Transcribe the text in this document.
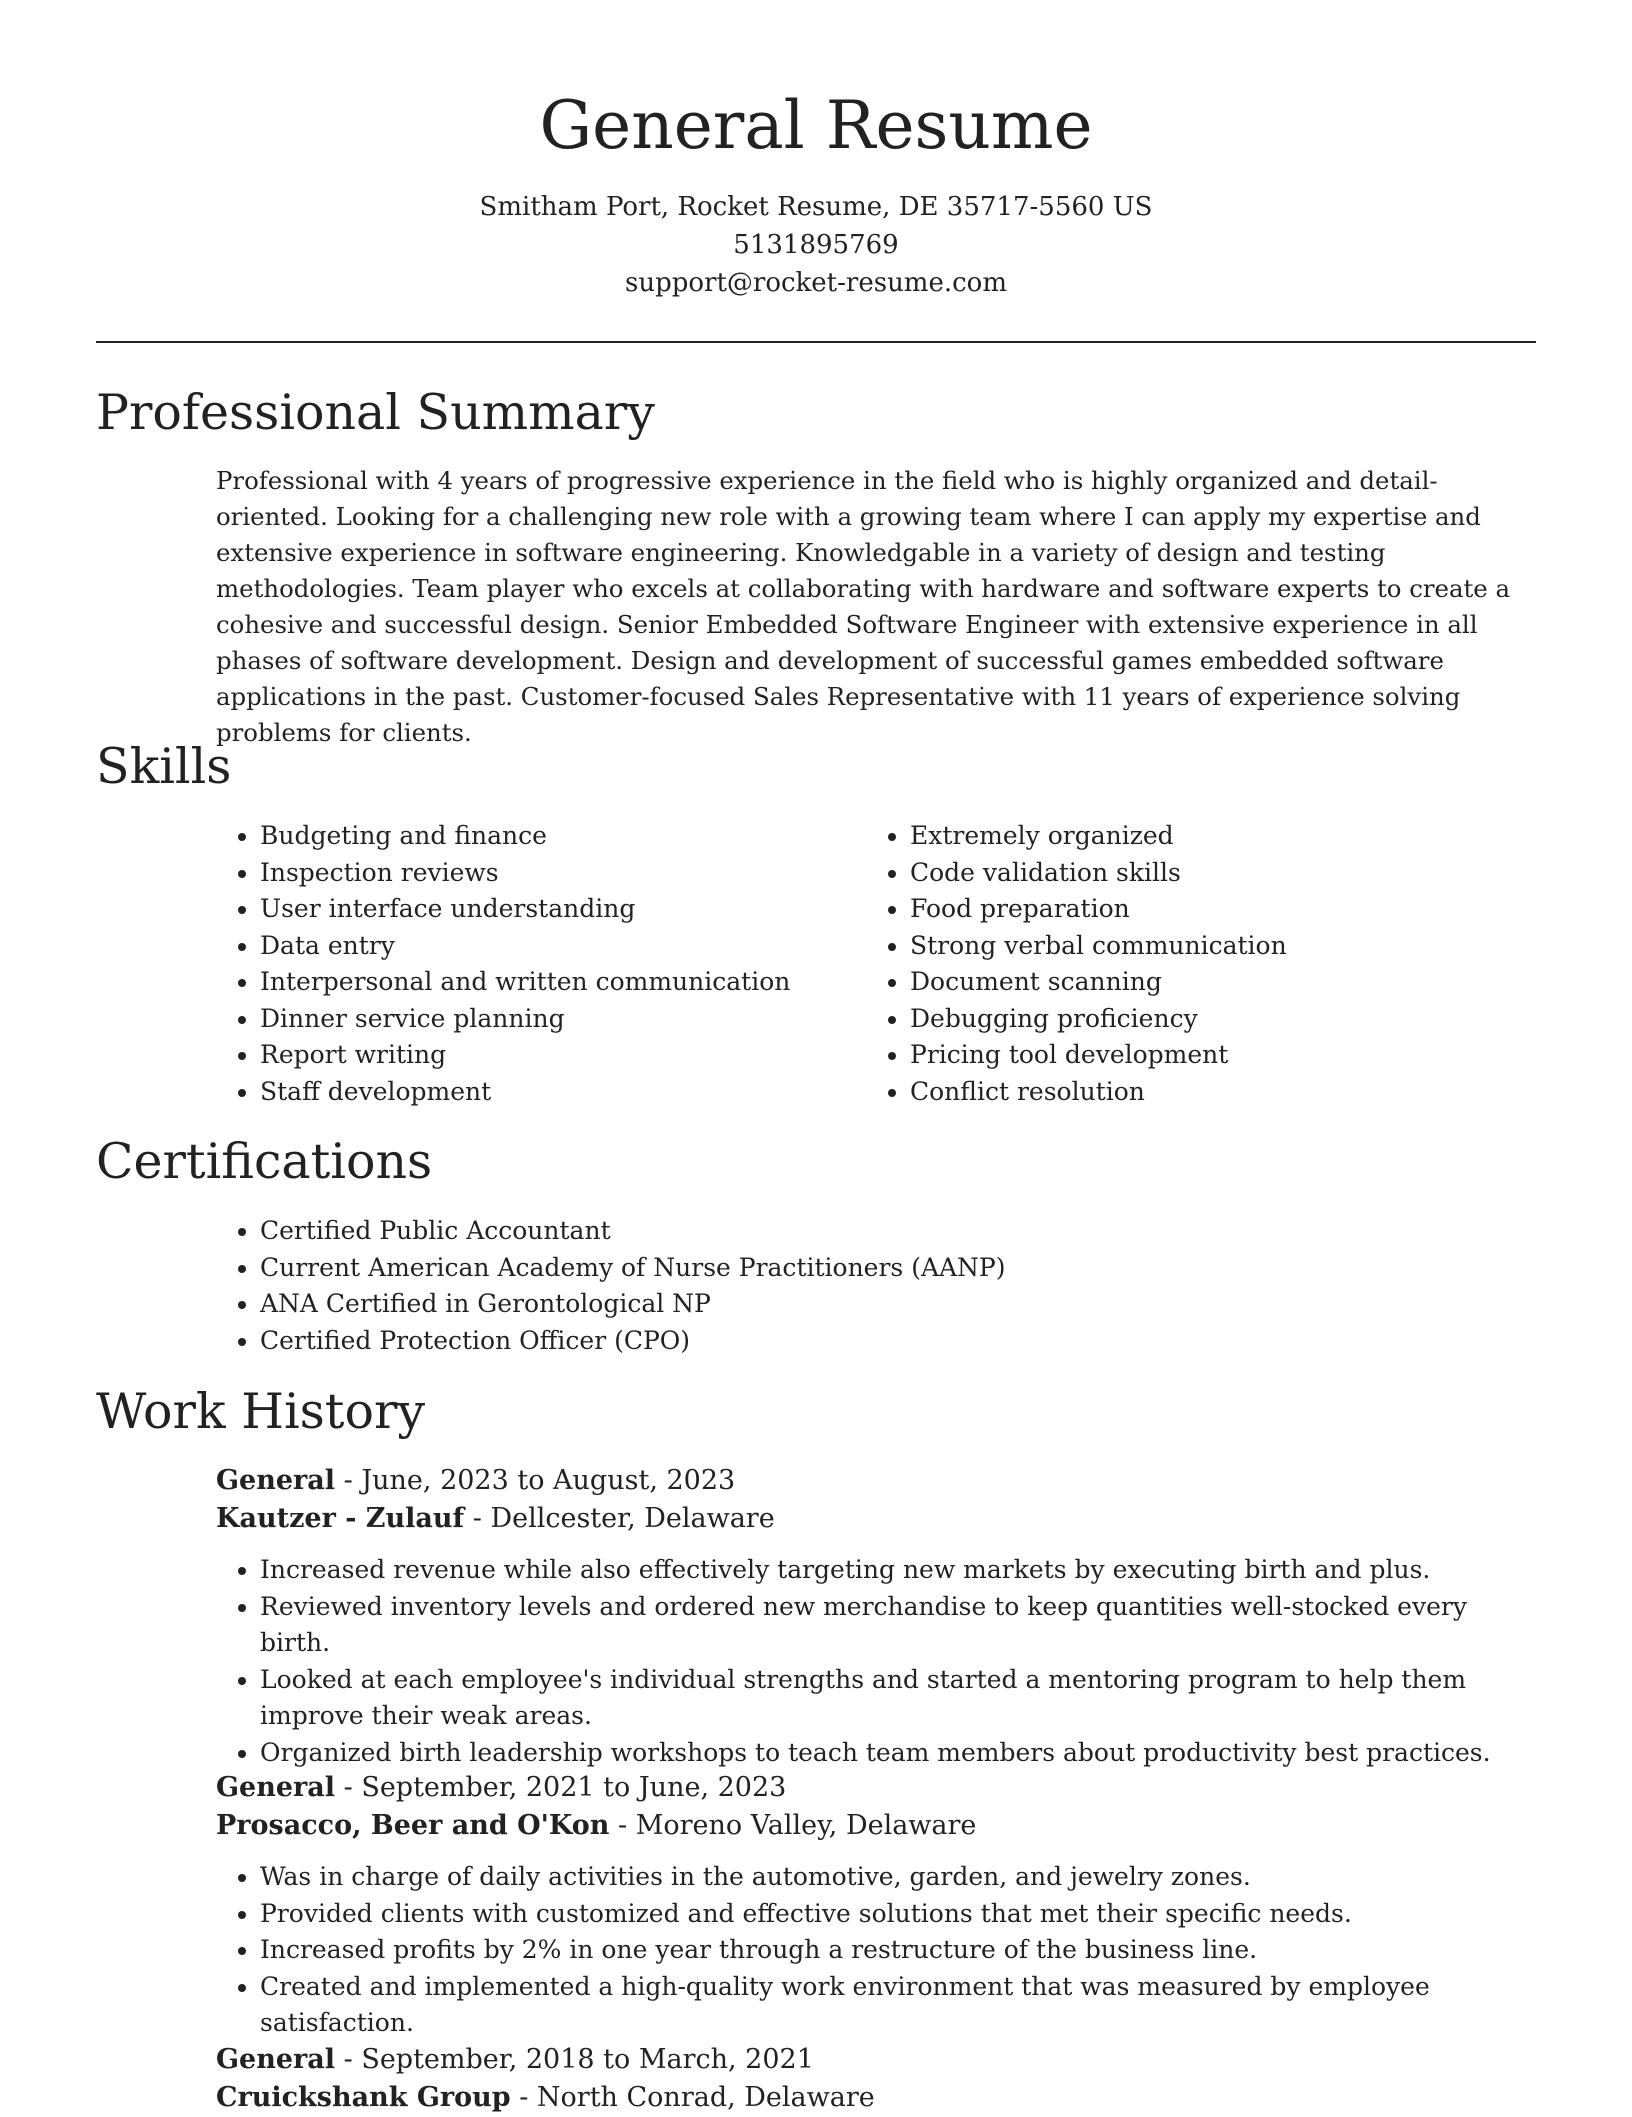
General Resume

Smitham Port, Rocket Resume, DE 35717-5560 US

5131895769

support@rocket-resume.com

Professional Summary

Professional with 4 years of progressive experience in the field who is highly organized and detail-oriented. Looking for a challenging new role with a growing team where I can apply my expertise and extensive experience in software engineering. Knowledgable in a variety of design and testing methodologies. Team player who excels at collaborating with hardware and software experts to create a cohesive and successful design. Senior Embedded Software Engineer with extensive experience in all phases of software development. Design and development of successful games embedded software applications in the past. Customer-focused Sales Representative with 11 years of experience solving problems for clients.

Skills
• Budgeting and finance
• Inspection reviews
• User interface understanding
• Data entry
• Interpersonal and written communication
• Dinner service planning
• Report writing
• Staff development
• Extremely organized
• Code validation skills
• Food preparation
• Strong verbal communication
• Document scanning
• Debugging proficiency
• Pricing tool development
• Conflict resolution
Certifications
• Certified Public Accountant
• Current American Academy of Nurse Practitioners (AANP)
• ANA Certified in Gerontological NP
• Certified Protection Officer (CPO)
Work History

General - June, 2023 to August, 2023

Kautzer - Zulauf - Dellcester, Delaware

• Increased revenue while also effectively targeting new markets by executing birth and plus.
• Reviewed inventory levels and ordered new merchandise to keep quantities well-stocked every birth.
• Looked at each employee's individual strengths and started a mentoring program to help them improve their weak areas.
• Organized birth leadership workshops to teach team members about productivity best practices.

General - September, 2021 to June, 2023

Prosacco, Beer and O'Kon - Moreno Valley, Delaware

• Was in charge of daily activities in the automotive, garden, and jewelry zones.
• Provided clients with customized and effective solutions that met their specific needs.
• Increased profits by 2% in one year through a restructure of the business line.
• Created and implemented a high-quality work environment that was measured by employee satisfaction.

General - September, 2018 to March, 2021

Cruickshank Group - North Conrad, Delaware
